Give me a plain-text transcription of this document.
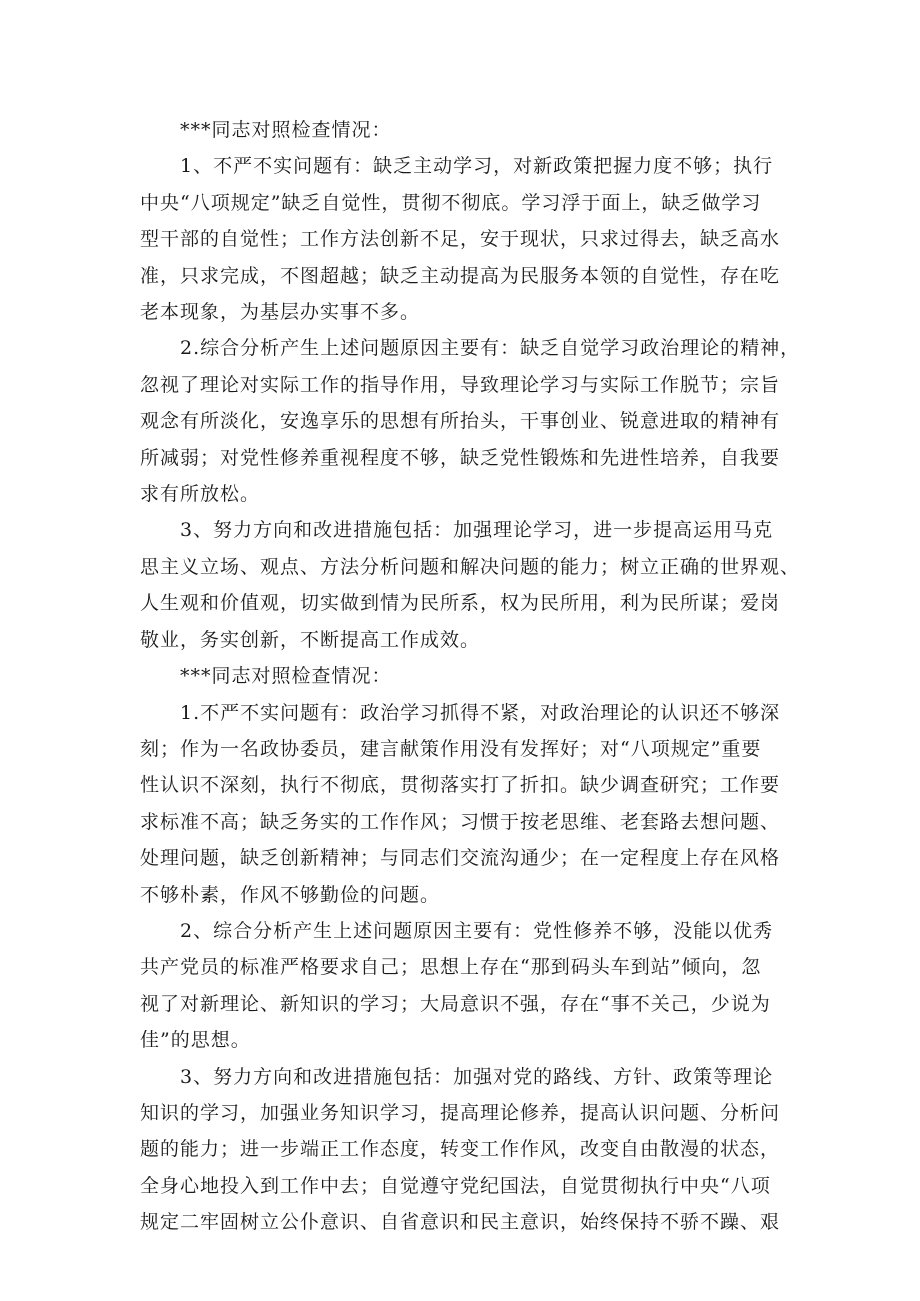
***同志对照检查情况：

1、不严不实问题有：缺乏主动学习，对新政策把握力度不够；执行
中央“八项规定”缺乏自觉性，贯彻不彻底。学习浮于面上，缺乏做学习
型干部的自觉性；工作方法创新不足，安于现状，只求过得去，缺乏高水
准，只求完成，不图超越；缺乏主动提高为民服务本领的自觉性，存在吃
老本现象，为基层办实事不多。

2.综合分析产生上述问题原因主要有：缺乏自觉学习政治理论的精神，
忽视了理论对实际工作的指导作用，导致理论学习与实际工作脱节；宗旨
观念有所淡化，安逸享乐的思想有所抬头，干事创业、锐意进取的精神有
所减弱；对党性修养重视程度不够，缺乏党性锻炼和先进性培养，自我要
求有所放松。

3、努力方向和改进措施包括：加强理论学习，进一步提高运用马克
思主义立场、观点、方法分析问题和解决问题的能力；树立正确的世界观、
人生观和价值观，切实做到情为民所系，权为民所用，利为民所谋；爱岗
敬业，务实创新，不断提高工作成效。

***同志对照检查情况：

1.不严不实问题有：政治学习抓得不紧，对政治理论的认识还不够深
刻；作为一名政协委员，建言献策作用没有发挥好；对“八项规定”重要
性认识不深刻，执行不彻底，贯彻落实打了折扣。缺少调查研究；工作要
求标准不高；缺乏务实的工作作风；习惯于按老思维、老套路去想问题、
处理问题，缺乏创新精神；与同志们交流沟通少；在一定程度上存在风格
不够朴素，作风不够勤俭的问题。

2、综合分析产生上述问题原因主要有：党性修养不够，没能以优秀
共产党员的标准严格要求自己；思想上存在“那到码头车到站”倾向，忽
视了对新理论、新知识的学习；大局意识不强，存在“事不关己，少说为
佳”的思想。

3、努力方向和改进措施包括：加强对党的路线、方针、政策等理论
知识的学习，加强业务知识学习，提高理论修养，提高认识问题、分析问
题的能力；进一步端正工作态度，转变工作作风，改变自由散漫的状态，
全身心地投入到工作中去；自觉遵守党纪国法，自觉贯彻执行中央“八项
规定二牢固树立公仆意识、自省意识和民主意识，始终保持不骄不躁、艰
